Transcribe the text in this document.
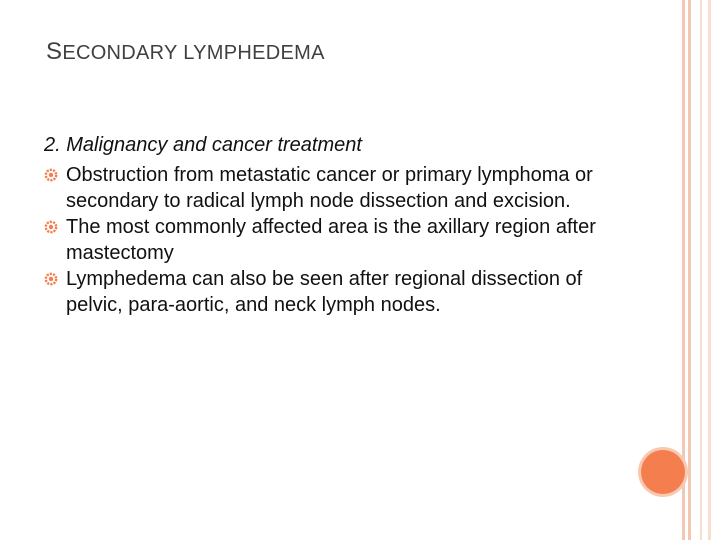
SECONDARY LYMPHEDEMA
2. Malignancy and cancer treatment
Obstruction from metastatic cancer or primary lymphoma or secondary to radical lymph node dissection and excision.
The most commonly affected area is the axillary region after mastectomy
Lymphedema can also be seen after regional dissection of pelvic, para-aortic, and neck lymph nodes.
